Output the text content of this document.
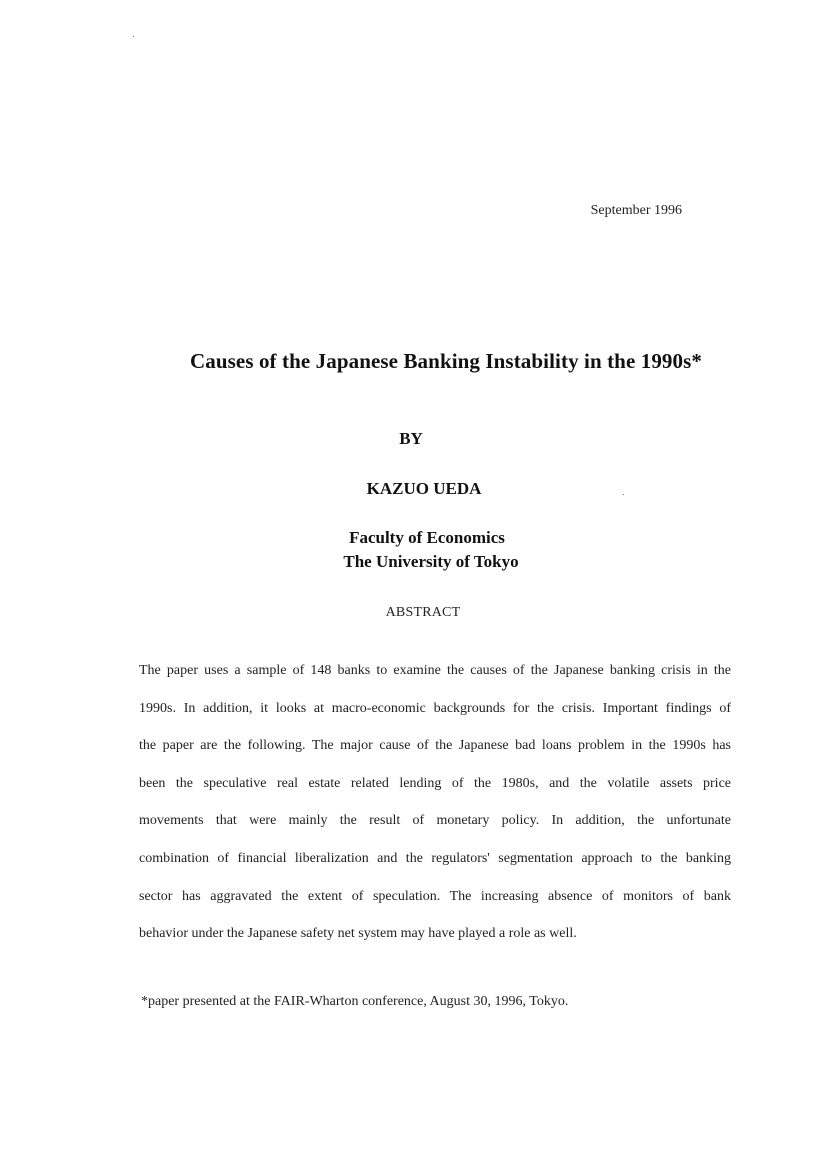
September 1996
Causes of the Japanese Banking Instability in the 1990s*
BY
KAZUO UEDA
Faculty of Economics
The University of Tokyo
ABSTRACT
The paper uses a sample of 148 banks to examine the causes of the Japanese banking crisis in the
1990s. In addition, it looks at macro-economic backgrounds for the crisis. Important findings of
the paper are the following. The major cause of the Japanese bad loans problem in the 1990s has
been the speculative real estate related lending of the 1980s, and the volatile assets price
movements that were mainly the result of monetary policy. In addition, the unfortunate
combination of financial liberalization and the regulators' segmentation approach to the banking
sector has aggravated the extent of speculation. The increasing absence of monitors of bank
behavior under the Japanese safety net system may have played a role as well.
*paper presented at the FAIR-Wharton conference, August 30, 1996, Tokyo.
